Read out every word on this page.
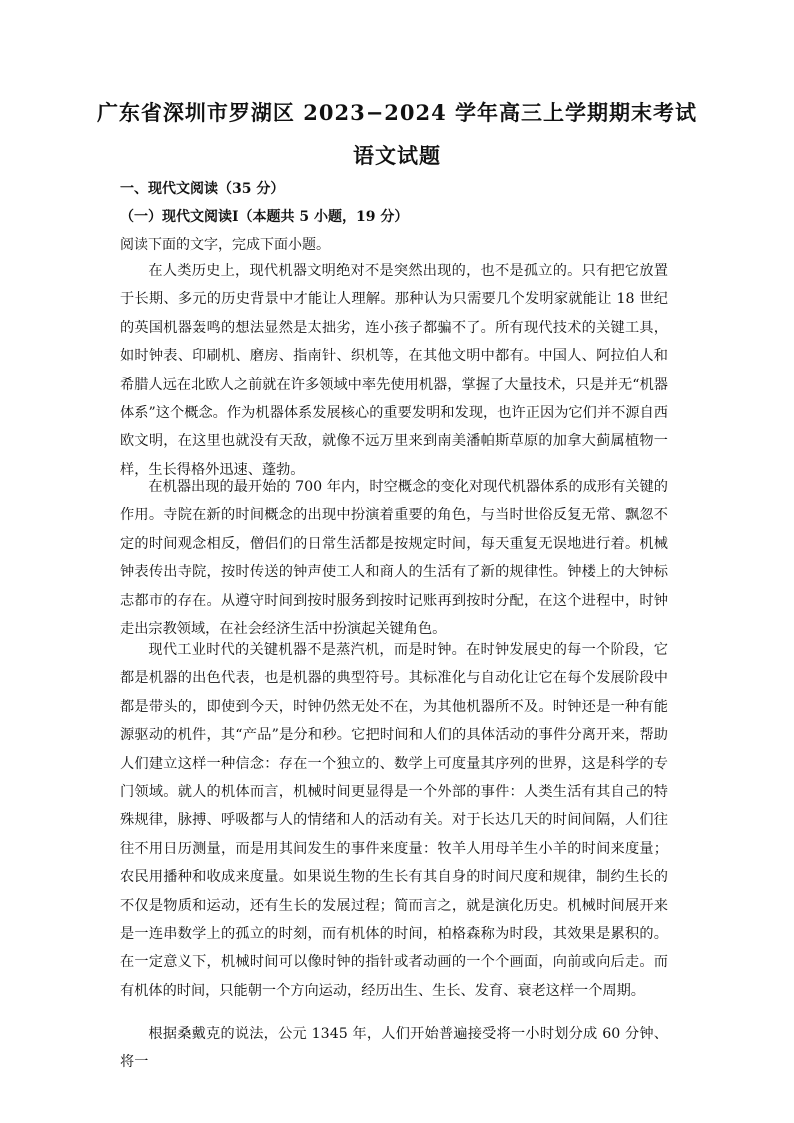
广东省深圳市罗湖区 2023−2024 学年高三上学期期末考试
语文试题

一、现代文阅读（35 分）

（一）现代文阅读Ⅰ（本题共 5 小题，19 分）

阅读下面的文字，完成下面小题。

在人类历史上，现代机器文明绝对不是突然出现的，也不是孤立的。只有把它放置于长期、多元的历史背景中才能让人理解。那种认为只需要几个发明家就能让 18 世纪的英国机器轰鸣的想法显然是太拙劣，连小孩子都骗不了。所有现代技术的关键工具，如时钟表、印刷机、磨房、指南针、织机等，在其他文明中都有。中国人、阿拉伯人和希腊人远在北欧人之前就在许多领域中率先使用机器，掌握了大量技术，只是并无“机器体系”这个概念。作为机器体系发展核心的重要发明和发现，也许正因为它们并不源自西欧文明，在这里也就没有天敌，就像不远万里来到南美潘帕斯草原的加拿大蓟属植物一样，生长得格外迅速、蓬勃。

在机器出现的最开始的 700 年内，时空概念的变化对现代机器体系的成形有关键的作用。寺院在新的时间概念的出现中扮演着重要的角色，与当时世俗反复无常、飘忽不定的时间观念相反，僧侣们的日常生活都是按规定时间，每天重复无误地进行着。机械钟表传出寺院，按时传送的钟声使工人和商人的生活有了新的规律性。钟楼上的大钟标志都市的存在。从遵守时间到按时服务到按时记账再到按时分配，在这个进程中，时钟走出宗教领域，在社会经济生活中扮演起关键角色。

现代工业时代的关键机器不是蒸汽机，而是时钟。在时钟发展史的每一个阶段，它都是机器的出色代表，也是机器的典型符号。其标准化与自动化让它在每个发展阶段中都是带头的，即使到今天，时钟仍然无处不在，为其他机器所不及。时钟还是一种有能源驱动的机件，其“产品”是分和秒。它把时间和人们的具体活动的事件分离开来，帮助人们建立这样一种信念：存在一个独立的、数学上可度量其序列的世界，这是科学的专门领域。就人的机体而言，机械时间更显得是一个外部的事件：人类生活有其自己的特殊规律，脉搏、呼吸都与人的情绪和人的活动有关。对于长达几天的时间间隔，人们往往不用日历测量，而是用其间发生的事件来度量：牧羊人用母羊生小羊的时间来度量；农民用播种和收成来度量。如果说生物的生长有其自身的时间尺度和规律，制约生长的不仅是物质和运动，还有生长的发展过程；简而言之，就是演化历史。机械时间展开来是一连串数学上的孤立的时刻，而有机体的时间，柏格森称为时段，其效果是累积的。在一定意义下，机械时间可以像时钟的指针或者动画的一个个画面，向前或向后走。而有机体的时间，只能朝一个方向运动，经历出生、生长、发育、衰老这样一个周期。

根据桑戴克的说法，公元 1345 年，人们开始普遍接受将一小时划分成 60 分钟、将一
